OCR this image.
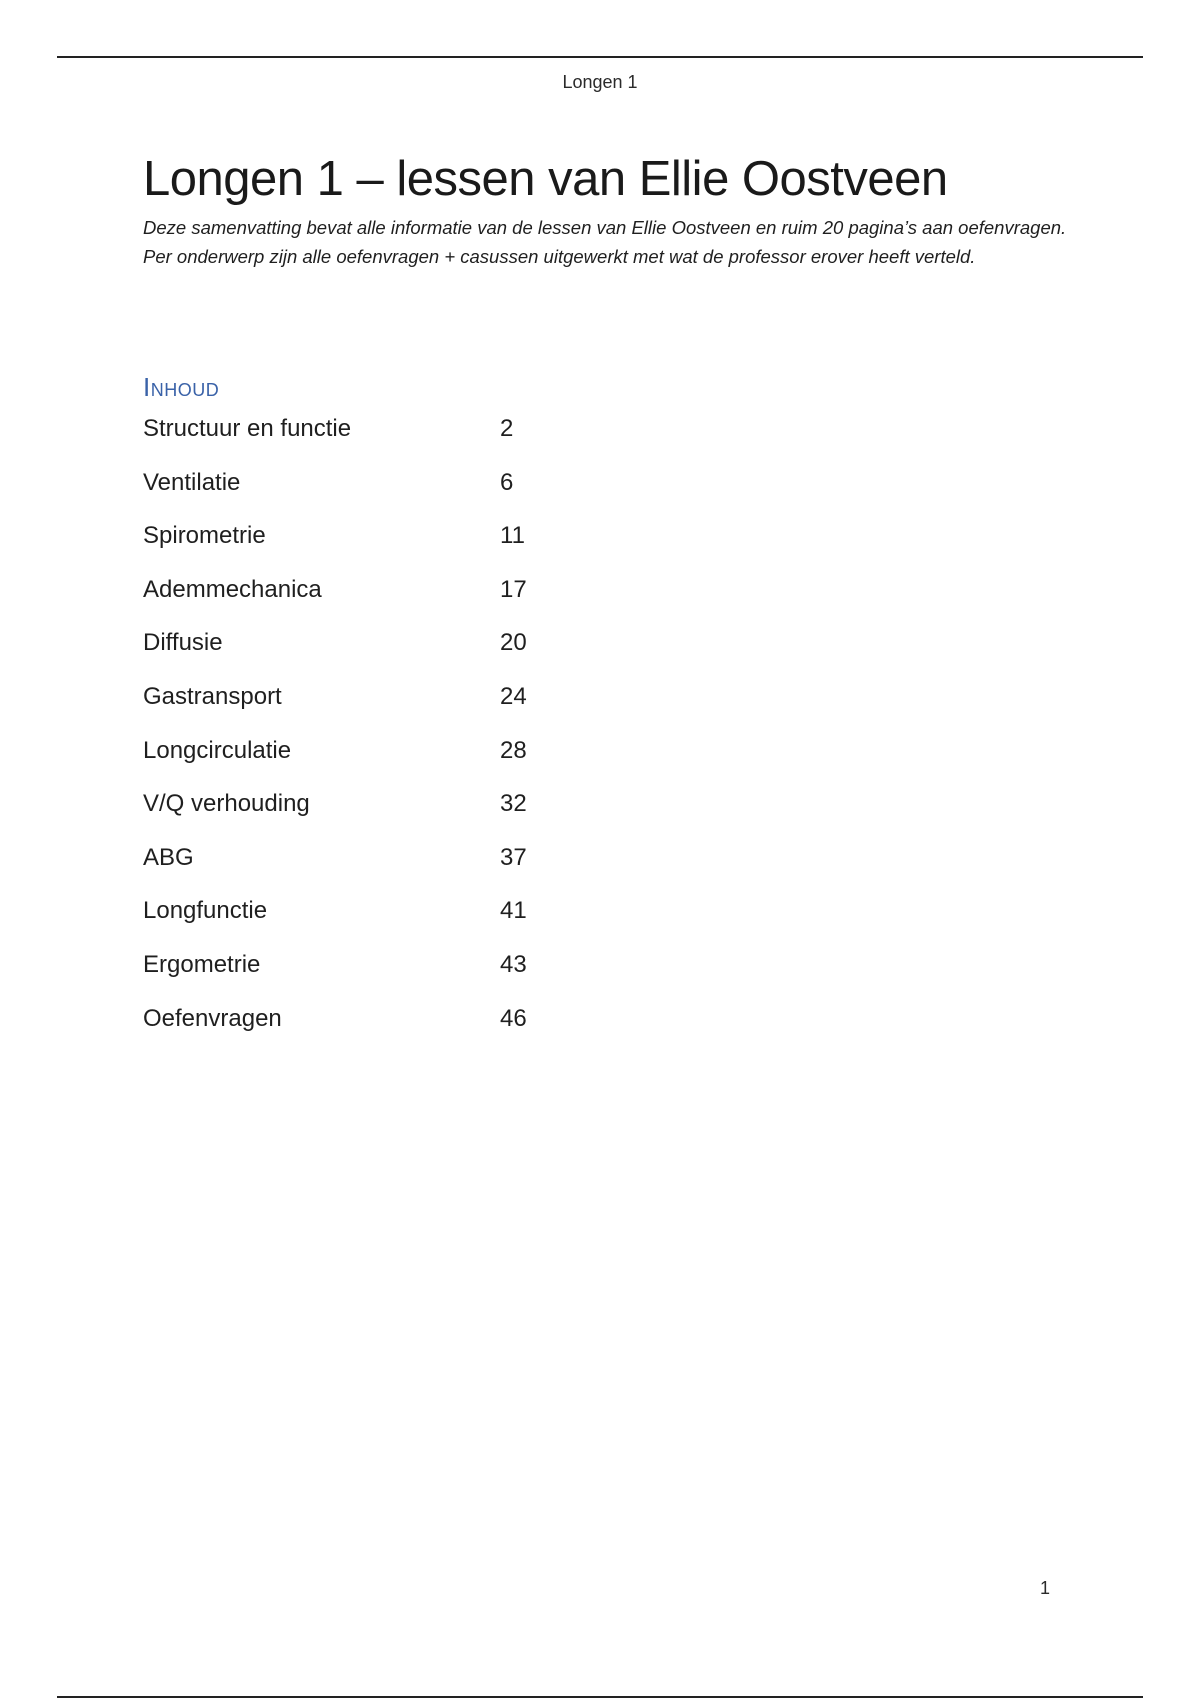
Longen 1
Longen 1 – lessen van Ellie Oostveen

Deze samenvatting bevat alle informatie van de lessen van Ellie Oostveen en ruim 20 pagina’s aan oefenvragen. Per onderwerp zijn alle oefenvragen + casussen uitgewerkt met wat de professor erover heeft verteld.

Inhoud
Structuur en functie	2
Ventilatie	6
Spirometrie	11
Ademmechanica	17
Diffusie	20
Gastransport	24
Longcirculatie	28
V/Q verhouding	32
ABG	37
Longfunctie	41
Ergometrie	43
Oefenvragen	46
1
